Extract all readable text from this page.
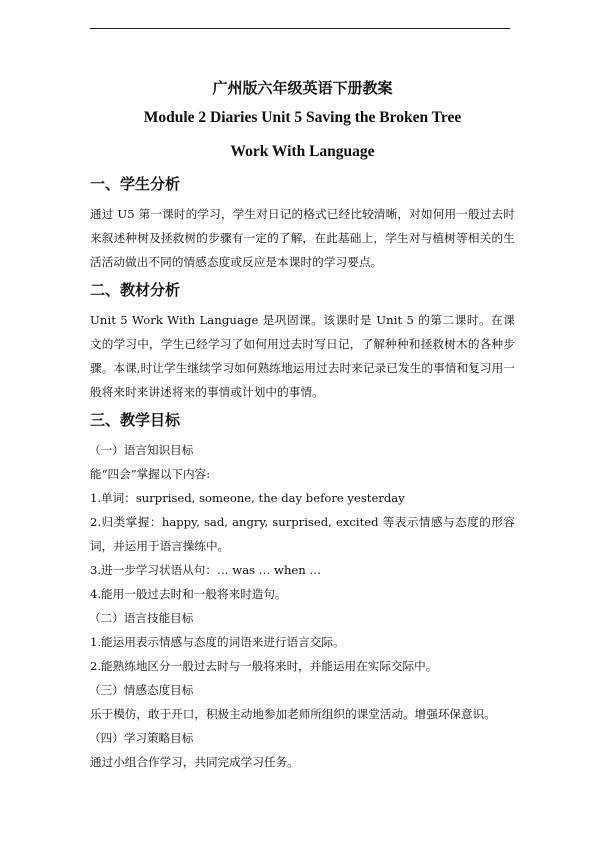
广州版六年级英语下册教案
Module 2 Diaries Unit 5 Saving the Broken Tree
Work With Language
一、学生分析

通过 U5 第一课时的学习，学生对日记的格式已经比较清晰，对如何用一般过去时来叙述种树及拯救树的步骤有一定的了解，在此基础上，学生对与植树等相关的生活活动做出不同的情感态度或反应是本课时的学习要点。

二、教材分析

Unit 5 Work With Language 是巩固课。该课时是 Unit 5 的第二课时。在课文的学习中，学生已经学习了如何用过去时写日记，了解种种和拯救树木的各种步骤。本课,时让学生继续学习如何熟练地运用过去时来记录已发生的事情和复习用一般将来时来讲述将来的事情或计划中的事情。

三、教学目标
（一）语言知识目标
能“四会”掌握以下内容:
1.单词：surprised, someone, the day before yesterday
2.归类掌握：happy, sad, angry, surprised, excited 等表示情感与态度的形容词，并运用于语言操练中。
3.进一步学习状语从句：… was … when …
4.能用一般过去时和一般将来时造句。
（二）语言技能目标
1.能运用表示情感与态度的词语来进行语言交际。
2.能熟练地区分一般过去时与一般将来时，并能运用在实际交际中。
（三）情感态度目标
乐于模仿，敢于开口，积极主动地参加老师所组织的课堂活动。增强环保意识。
（四）学习策略目标
通过小组合作学习，共同完成学习任务。
